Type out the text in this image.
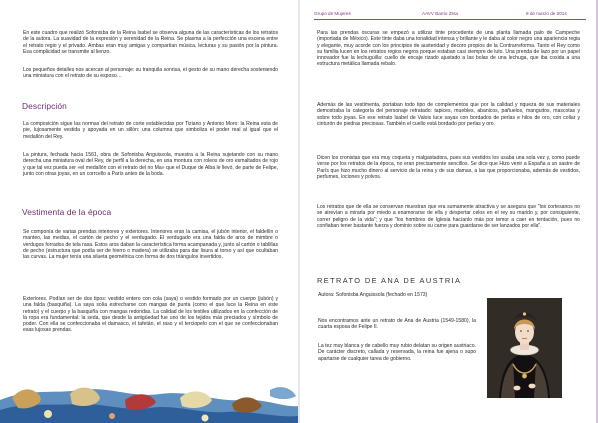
En este cuadro que realizó Sofonisba de la Reina Isabel se observa alguna de las características de los retratos de la autora. La suavidad de la expresión y serenidad de la Reina. Se plasma a la perfección una escena entre el retrato regio y el privado. Ambas eran muy amigas y compartían música, lecturas y su pasión por la pintura. Esa complicidad se transmite al lienzo.

Los pequeños detalles nos acercan al personaje: su tranquila sonrisa, el gesto de su mano derecha sosteniendo una miniatura con el retrato de su esposo…

Descripción

La composición sigue las normas del retrato de corte establecidas por Tiziano y Antonio Moro: la Reina esta de pie, lujosamente vestida y apoyada en un sillón: una columna que simboliza el poder real al igual que el medallón del Rey.

La pintura, fechada hacia 1561, obra de Sofonisba Anguissola, muestra a la Reina sujetando con su mano derecha una miniatura oval del Rey, de perfil a la derecha, en una montura con roleos de oro esmaltados de rojo y que tal vez pueda ser «el medallón con el retrato del no Ma» que el Duque de Alba le llevó, de parte de Felipe, junto con otras joyas, en un corrcello a París antes de la boda.

Vestimenta de la época

Se componía de varias prendas interiores y exteriores. Interiores eran la camisa, el jubón interior, el faldellín o manteo, las medias, el cartón de pecho y el verdugado. El verdugado era una falda de aros de mimbre o verdugos forrados de tela rasa. Estos aros daban la característica forma acampanada y, junto al cartón o tablillas de pecho (estructura que podía ser de hierro o madera) se utilizaba para dar lisura al torso y así que ocultaban las curvas. La mujer tenía una silueta geométrica con forma de dos triángulos invertidos.

Exteriores. Podían ser de dos tipos: vestido entero con cola (saya) o vestido formado por un cuerpo (jubón) y una falda (basquiña). La saya solía estrecharse con mangas de punta (como el que luce la Reina en este retrato) y el cuerpo y la basquiña con mangas redondas. La calidad de los textiles utilizados en la confección de la ropa era fundamental: la seda, que desde la antigüedad fue uno de los tejidos más preciados y símbolo de poder. Con ella se confeccionaba el damasco, el tafetán, el raso y el terciopelo con el que se confeccionaban esas lujosas prendas.

Grupo de Mujeres	AAVV Barrio Zeta	8 de marzo de 2014

Para las prendas oscuras se empezó a utilizar tinte procedente de una planta llamada palo de Campeche (importada de México). Este tinte daba una tonalidad intensa y brillante y le daba al color negro una apariencia regia y elegante, muy acorde con los principios de austeridad y decoro propios de la Contrarreforma. Tanto el Rey como su familia lucen en los retratos regios negros porque estaban casi siempre de luto. Una prenda de lazo por un papel innovador fue la lechuguilla: cuello de encaje rizado ajustado a las bolas de una lechuga, que iba cosida a una estructura metálica llamada rebalo.

Además de las vestimenta, portaban todo tipo de complementos que por la calidad y riqueza de sus materiales demostraba la categoría del personaje retratado: tapices, muebles, abanicos, pañuelos, manguitos, mascotas y sobre todo joyas. En ese retrato Isabel de Valois luce sayas con bordados de perlas e hilos de oro, con collar y cinturón de piedras preciosas. También el cuello está bordado por perlas y oro.

Dicen los cronistas que era muy coqueta y malgastadora, pues sus vestidos los usaba una sola vez y, como puede verse por los retratos de la época, no eran precisamente sencillos. Se dice que Hizo venir a España a un sastre de París que hizo mucho dinero al servicio de la reina y de sus damas, a las que proporcionaba, además de vestidos, perfumes, lociones y polvos.

Los retratos que de ella se conservan muestran que era sumamente atractiva y se asegura que "los cortesanos no se atrevían a mirarla por miedo a enamorarse de ella y despertar celos en el rey su marido y, por consiguiente, correr peligro de la vida"; y que "los hombres de Iglesia hacíanlo más por temor a caer en tentación, pues no confiaban tener bastante fuerza y dominio sobre su carne para guardarse de ser lanzados por ella".

RETRATO DE ANA DE AUSTRIA

Autora: Sofonisba Anguissola (fechado en 1573)

Nos encontramos ante un retrato de Ana de Austria (1549-1580), la cuarta esposa de Felipe II.

La tez muy blanca y de cabello muy rubio delatan su origen austriaco. De carácter discreto, callada y reservada, la reina fue ajena o supo apartarse de cualquier tarea de gobierno.
